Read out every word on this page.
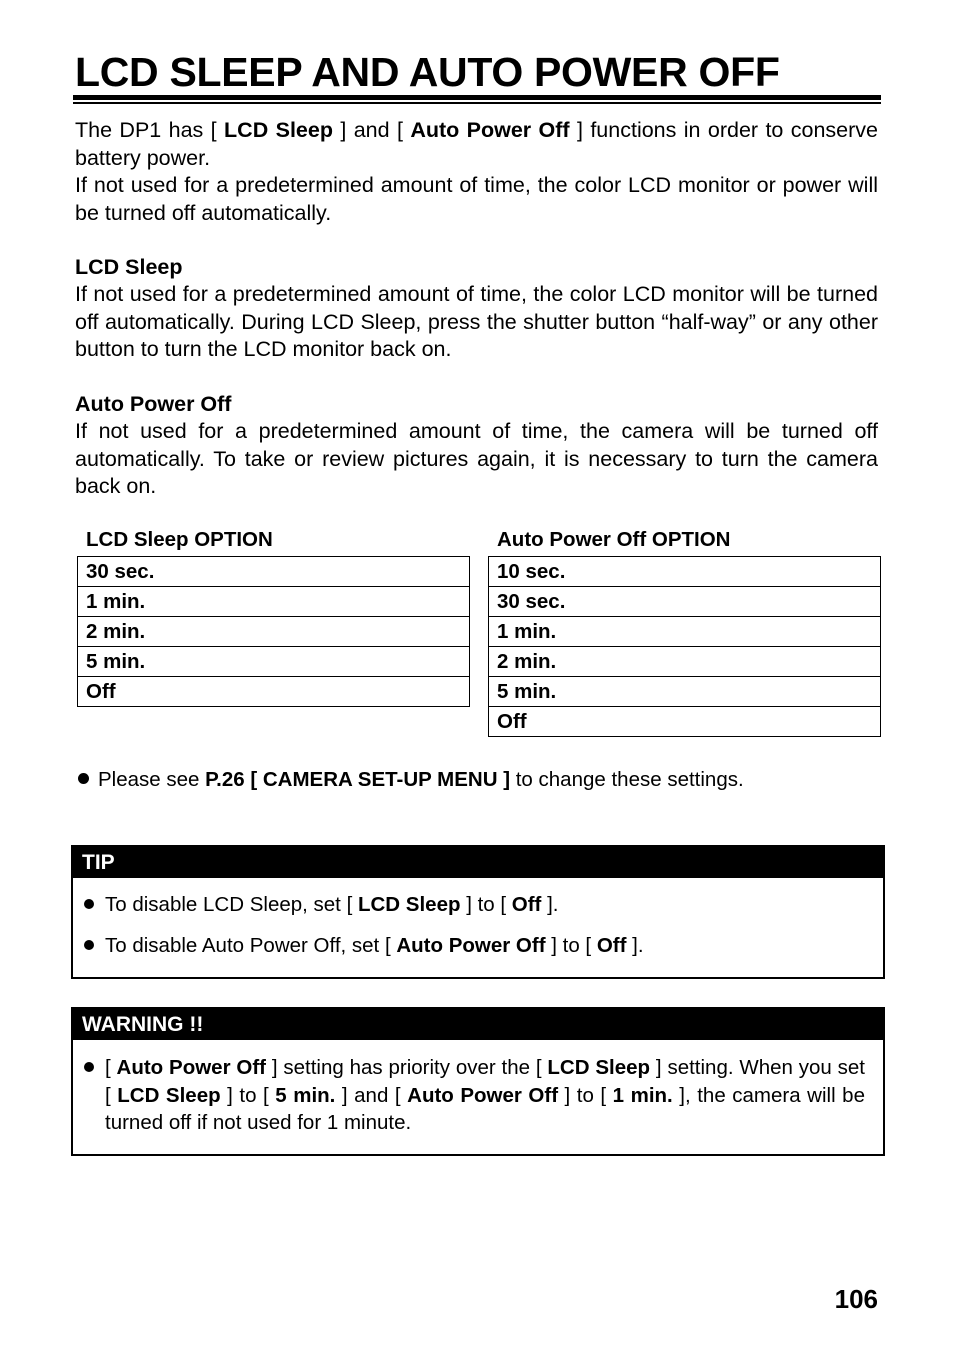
LCD SLEEP AND AUTO POWER OFF

The DP1 has [ LCD Sleep ] and [ Auto Power Off ] functions in order to conserve battery power.
If not used for a predetermined amount of time, the color LCD monitor or power will be turned off automatically.

LCD Sleep

If not used for a predetermined amount of time, the color LCD monitor will be turned off automatically. During LCD Sleep, press the shutter button “half-way” or any other button to turn the LCD monitor back on.

Auto Power Off

If not used for a predetermined amount of time, the camera will be turned off automatically. To take or review pictures again, it is necessary to turn the camera back on.

LCD Sleep OPTION
30 sec.
1 min.
2 min.
5 min.
Off
Auto Power Off OPTION
10 sec.
30 sec.
1 min.
2 min.
5 min.
Off
Please see P.26 [ CAMERA SET-UP MENU ] to change these settings.
TIP
To disable LCD Sleep, set [ LCD Sleep ] to [ Off ].
To disable Auto Power Off, set [ Auto Power Off ] to [ Off ].
WARNING !!
[ Auto Power Off ] setting has priority over the [ LCD Sleep ] setting. When you set [ LCD Sleep ] to [ 5 min. ] and [ Auto Power Off ] to [ 1 min. ], the camera will be turned off if not used for 1 minute.
106
